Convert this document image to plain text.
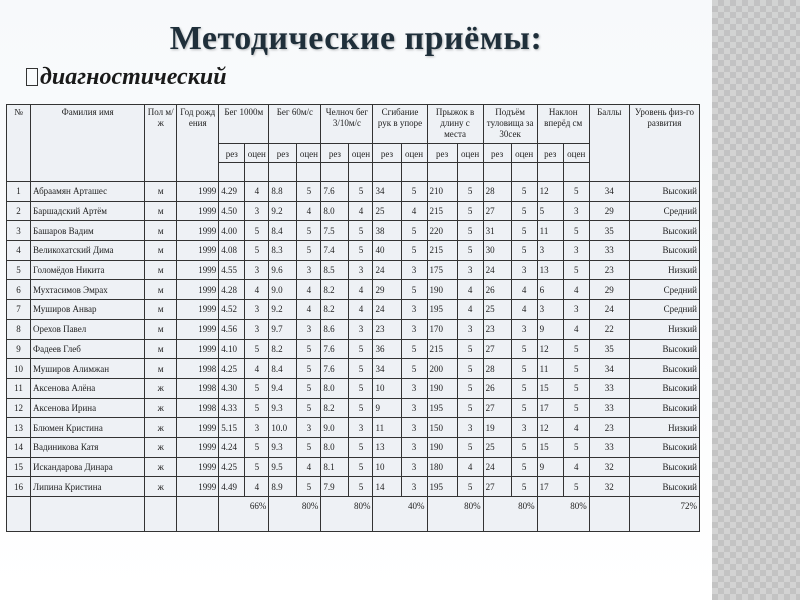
Методические приёмы:
диагностический
№	Фамилия имя	Пол м/ж	Год рожд ения	Бег 1000м		Бег 60м/с		Челноч бег 3/10м/с		Сгибание рук в упоре		Прыжок в длину с места		Подъём туловища за 30сек		Наклон вперёд см		Баллы	Уровень физ-го развития
				рез	оцен	рез	оцен	рез	оцен	рез	оцен	рез	оцен	рез	оцен	рез	оцен		

1	Абраамян Арташес	м	1999	4.29	4	8.8	5	7.6	5	34	5	210	5	28	5	12	5	34	Высокий
2	Баршадский Артём	м	1999	4.50	3	9.2	4	8.0	4	25	4	215	5	27	5	5	3	29	Средний
3	Башаров Вадим	м	1999	4.00	5	8.4	5	7.5	5	38	5	220	5	31	5	11	5	35	Высокий
4	Великохатский Дима	м	1999	4.08	5	8.3	5	7.4	5	40	5	215	5	30	5	3	3	33	Высокий
5	Голомёдов Никита	м	1999	4.55	3	9.6	3	8.5	3	24	3	175	3	24	3	13	5	23	Низкий
6	Мухтасимов Эмрах	м	1999	4.28	4	9.0	4	8.2	4	29	5	190	4	26	4	6	4	29	Средний
7	Муширов Анвар	м	1999	4.52	3	9.2	4	8.2	4	24	3	195	4	25	4	3	3	24	Средний
8	Орехов Павел	м	1999	4.56	3	9.7	3	8.6	3	23	3	170	3	23	3	9	4	22	Низкий
9	Фадеев Глеб	м	1999	4.10	5	8.2	5	7.6	5	36	5	215	5	27	5	12	5	35	Высокий
10	Муширов Алимжан	м	1998	4.25	4	8.4	5	7.6	5	34	5	200	5	28	5	11	5	34	Высокий
11	Аксенова Алёна	ж	1998	4.30	5	9.4	5	8.0	5	10	3	190	5	26	5	15	5	33	Высокий
12	Аксенова Ирина	ж	1998	4.33	5	9.3	5	8.2	5	9	3	195	5	27	5	17	5	33	Высокий
13	Блюмен Кристина	ж	1999	5.15	3	10.0	3	9.0	3	11	3	150	3	19	3	12	4	23	Низкий
14	Вадиникова Катя	ж	1999	4.24	5	9.3	5	8.0	5	13	3	190	5	25	5	15	5	33	Высокий
15	Искандарова Динара	ж	1999	4.25	5	9.5	4	8.1	5	10	3	180	4	24	5	9	4	32	Высокий
16	Липина Кристина	ж	1999	4.49	4	8.9	5	7.9	5	14	3	195	5	27	5	17	5	32	Высокий
				66%		80%		80%		40%		80%		80%		80%			72%
